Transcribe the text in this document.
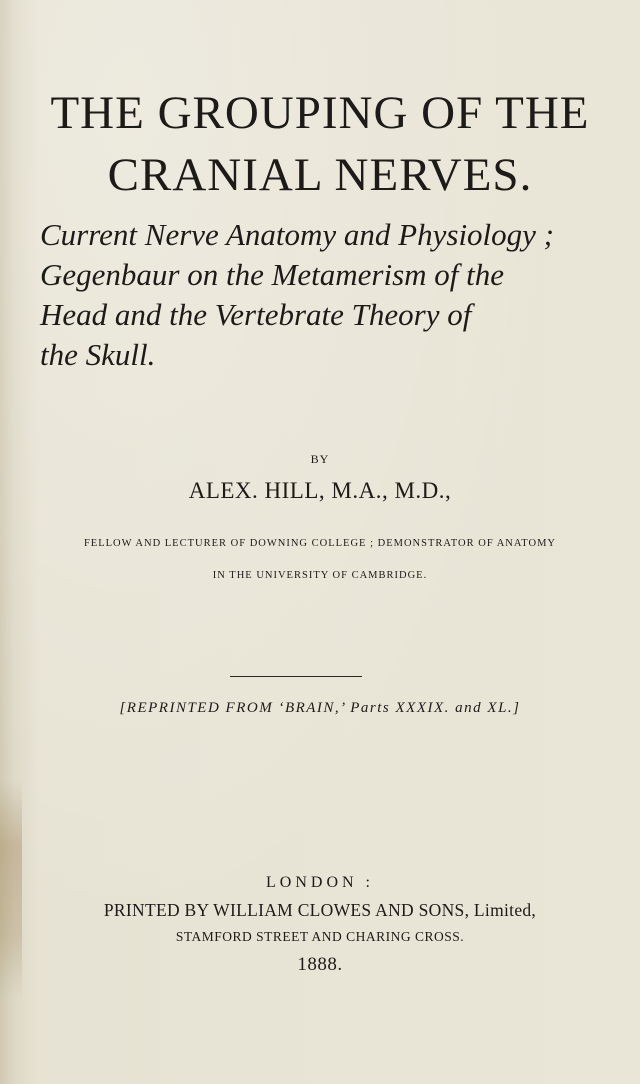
THE GROUPING OF THE
CRANIAL NERVES.
Current Nerve Anatomy and Physiology ;
Gegenbaur on the Metamerism of the
Head and the Vertebrate Theory of
the Skull.
BY
ALEX. HILL, M.A., M.D.,
FELLOW AND LECTURER OF DOWNING COLLEGE ; DEMONSTRATOR OF ANATOMY
IN THE UNIVERSITY OF CAMBRIDGE.
[REPRINTED FROM ‘BRAIN,’ Parts XXXIX. and XL.]
LONDON :
PRINTED BY WILLIAM CLOWES AND SONS, Limited,
STAMFORD STREET AND CHARING CROSS.
1888.
